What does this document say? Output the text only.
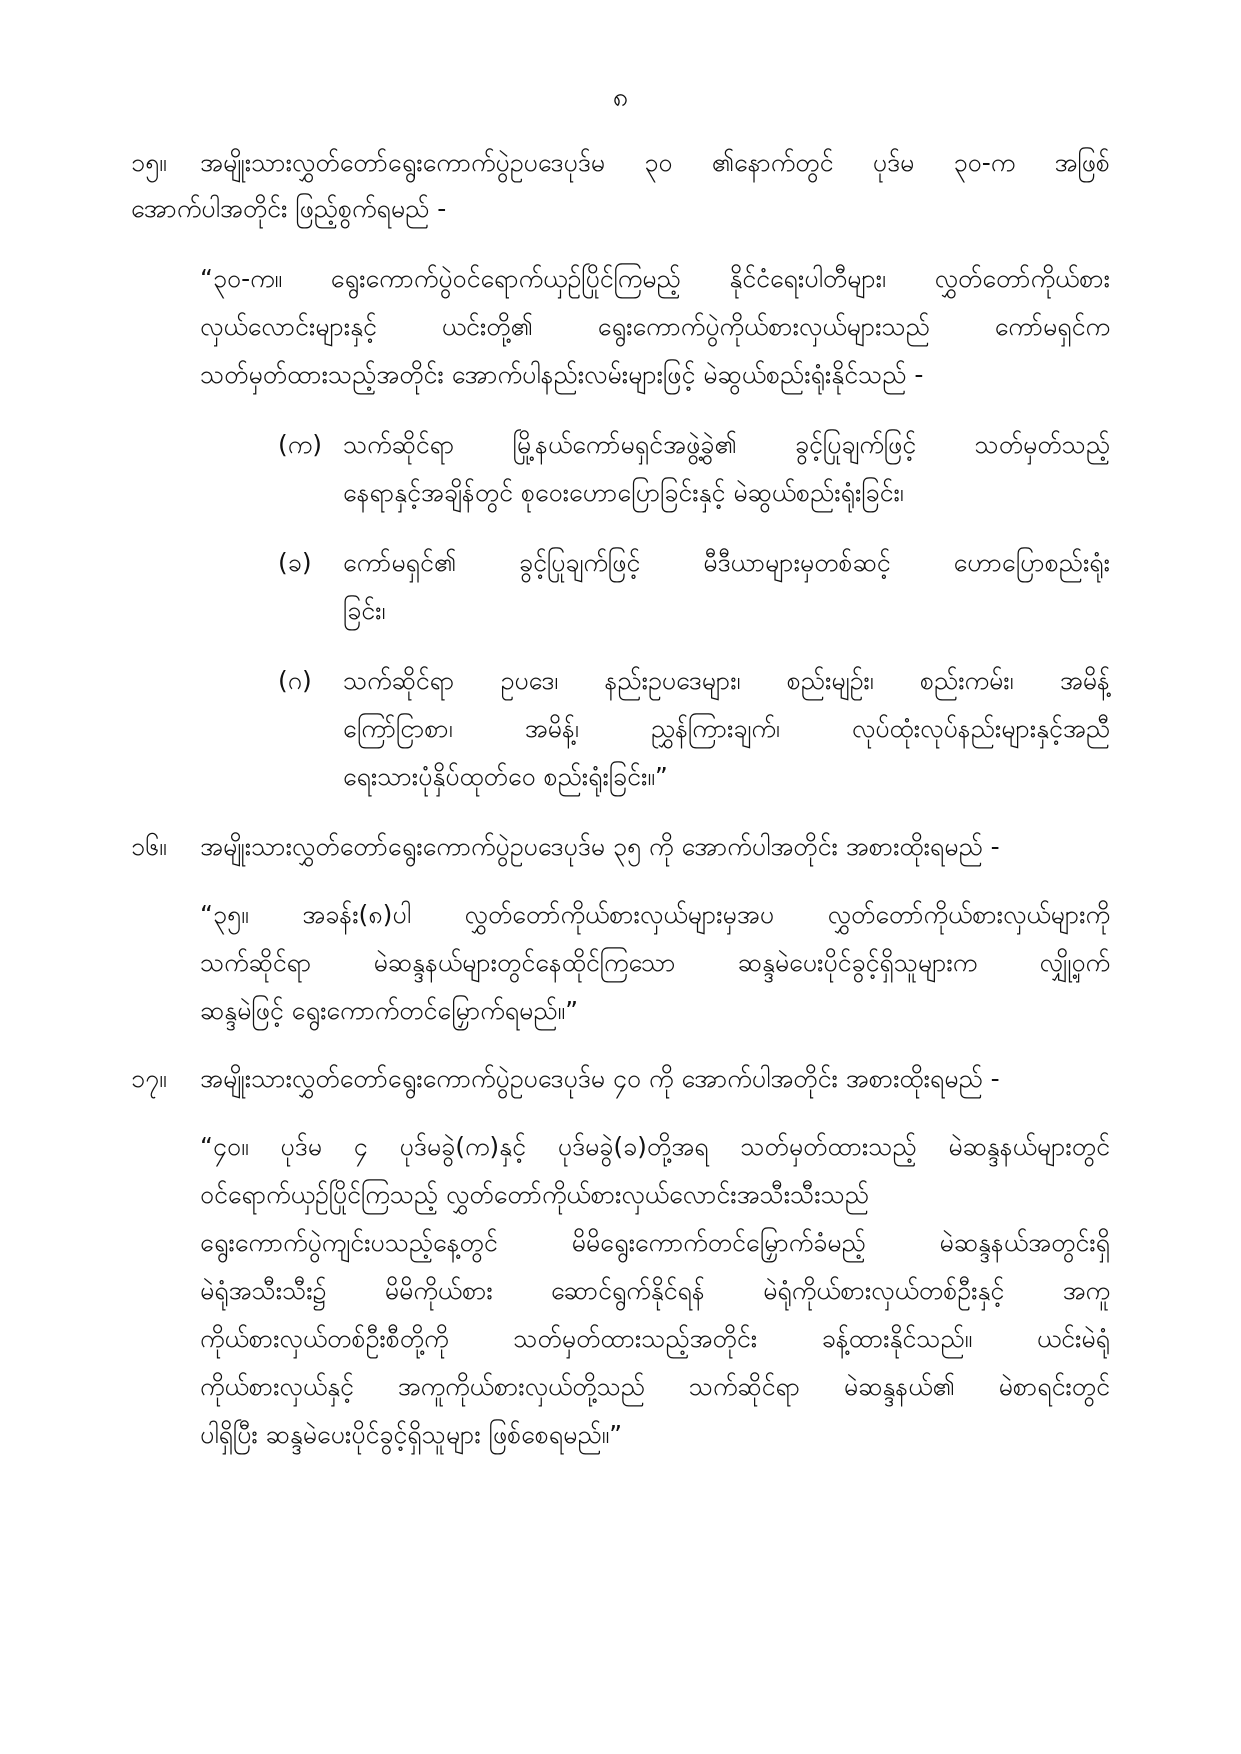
၈
၁၅။ အမျိုးသားလွှတ်တော်ရွေးကောက်ပွဲဥပဒေပုဒ်မ ၃၀ ၏နောက်တွင် ပုဒ်မ ၃၀-က အဖြစ်
အောက်ပါအတိုင်း ဖြည့်စွက်ရမည် -
“၃၀-က။ ရွေးကောက်ပွဲဝင်ရောက်ယှဉ်ပြိုင်ကြမည့် နိုင်ငံရေးပါတီများ၊ လွှတ်တော်ကိုယ်စား
လှယ်လောင်းများနှင့် ယင်းတို့၏ ရွေးကောက်ပွဲကိုယ်စားလှယ်များသည် ကော်မရှင်က
သတ်မှတ်ထားသည့်အတိုင်း အောက်ပါနည်းလမ်းများဖြင့် မဲဆွယ်စည်းရုံးနိုင်သည် -
(က) သက်ဆိုင်ရာ မြို့နယ်ကော်မရှင်အဖွဲ့ခွဲ၏ ခွင့်ပြုချက်ဖြင့် သတ်မှတ်သည့်
နေရာနှင့်အချိန်တွင် စုဝေးဟောပြောခြင်းနှင့် မဲဆွယ်စည်းရုံးခြင်း၊
(ခ) ကော်မရှင်၏ ခွင့်ပြုချက်ဖြင့် မီဒီယာများမှတစ်ဆင့် ဟောပြောစည်းရုံး
ခြင်း၊
(ဂ) သက်ဆိုင်ရာ ဥပဒေ၊ နည်းဥပဒေများ၊ စည်းမျဉ်း၊ စည်းကမ်း၊ အမိန့်
ကြော်ငြာစာ၊ အမိန့်၊ ညွှန်ကြားချက်၊ လုပ်ထုံးလုပ်နည်းများနှင့်အညီ
ရေးသားပုံနှိပ်ထုတ်ဝေ စည်းရုံးခြင်း။”
၁၆။ အမျိုးသားလွှတ်တော်ရွေးကောက်ပွဲဥပဒေပုဒ်မ ၃၅ ကို အောက်ပါအတိုင်း အစားထိုးရမည် -
“၃၅။ အခန်း(၈)ပါ လွှတ်တော်ကိုယ်စားလှယ်များမှအပ လွှတ်တော်ကိုယ်စားလှယ်များကို
သက်ဆိုင်ရာ မဲဆန္ဒနယ်များတွင်နေထိုင်ကြသော ဆန္ဒမဲပေးပိုင်ခွင့်ရှိသူများက လျှို့ဝှက်
ဆန္ဒမဲဖြင့် ရွေးကောက်တင်မြှောက်ရမည်။”
၁၇။ အမျိုးသားလွှတ်တော်ရွေးကောက်ပွဲဥပဒေပုဒ်မ ၄၀ ကို အောက်ပါအတိုင်း အစားထိုးရမည် -
“၄၀။ ပုဒ်မ ၄ ပုဒ်မခွဲ(က)နှင့် ပုဒ်မခွဲ(ခ)တို့အရ သတ်မှတ်ထားသည့် မဲဆန္ဒနယ်များတွင်
ဝင်ရောက်ယှဉ်ပြိုင်ကြသည့် လွှတ်တော်ကိုယ်စားလှယ်လောင်းအသီးသီးသည်
ရွေးကောက်ပွဲကျင်းပသည့်နေ့တွင် မိမိရွေးကောက်တင်မြှောက်ခံမည့် မဲဆန္ဒနယ်အတွင်းရှိ
မဲရုံအသီးသီး၌ မိမိကိုယ်စား ဆောင်ရွက်နိုင်ရန် မဲရုံကိုယ်စားလှယ်တစ်ဦးနှင့် အကူ
ကိုယ်စားလှယ်တစ်ဦးစီတို့ကို သတ်မှတ်ထားသည့်အတိုင်း ခန့်ထားနိုင်သည်။ ယင်းမဲရုံ
ကိုယ်စားလှယ်နှင့် အကူကိုယ်စားလှယ်တို့သည် သက်ဆိုင်ရာ မဲဆန္ဒနယ်၏ မဲစာရင်းတွင်
ပါရှိပြီး ဆန္ဒမဲပေးပိုင်ခွင့်ရှိသူများ ဖြစ်စေရမည်။”
